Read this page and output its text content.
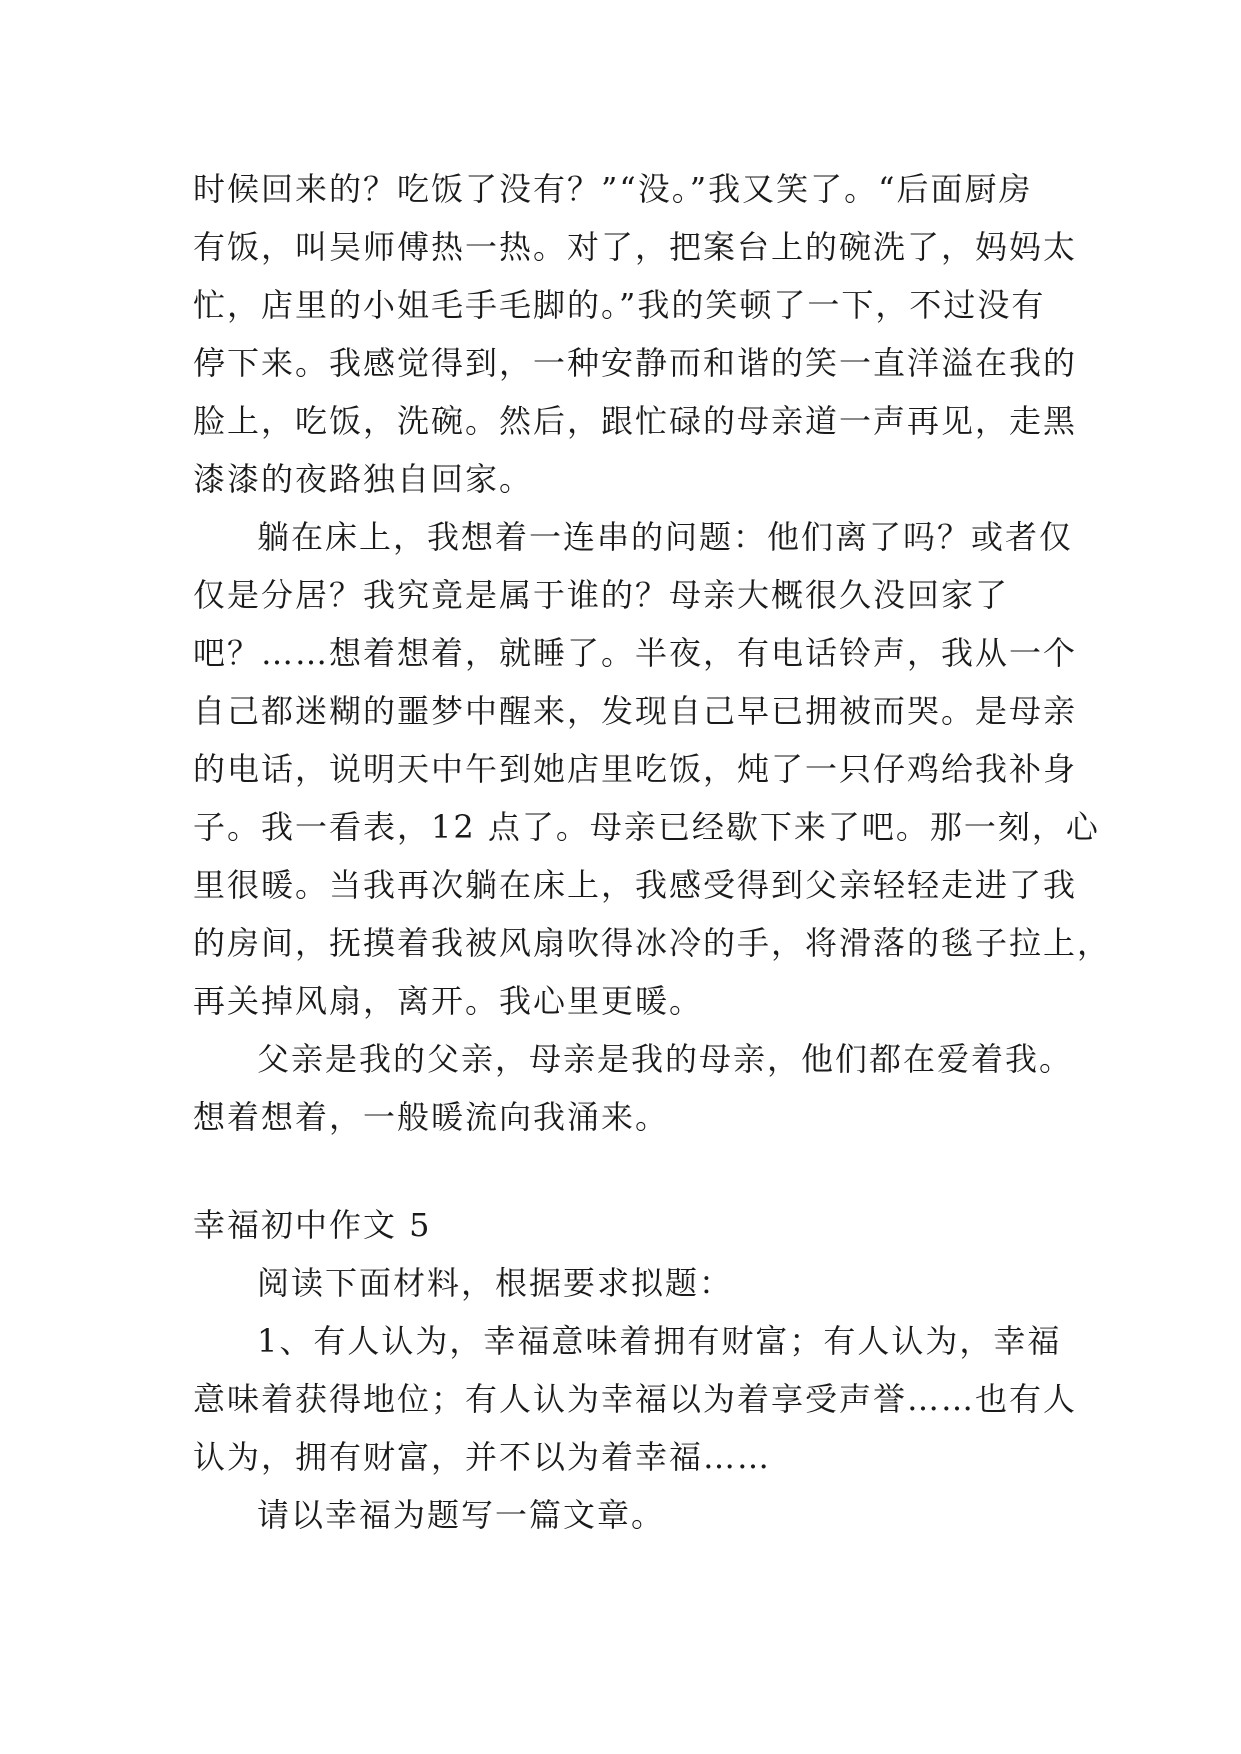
时候回来的？吃饭了没有？”“没。”我又笑了。“后面厨房
有饭，叫吴师傅热一热。对了，把案台上的碗洗了，妈妈太
忙，店里的小姐毛手毛脚的。”我的笑顿了一下，不过没有
停下来。我感觉得到，一种安静而和谐的笑一直洋溢在我的
脸上，吃饭，洗碗。然后，跟忙碌的母亲道一声再见，走黑
漆漆的夜路独自回家。
躺在床上，我想着一连串的问题：他们离了吗？或者仅
仅是分居？我究竟是属于谁的？母亲大概很久没回家了
吧？……想着想着，就睡了。半夜，有电话铃声，我从一个
自己都迷糊的噩梦中醒来，发现自己早已拥被而哭。是母亲
的电话，说明天中午到她店里吃饭，炖了一只仔鸡给我补身
子。我一看表，12 点了。母亲已经歇下来了吧。那一刻，心
里很暖。当我再次躺在床上，我感受得到父亲轻轻走进了我
的房间，抚摸着我被风扇吹得冰冷的手，将滑落的毯子拉上，
再关掉风扇，离开。我心里更暖。
父亲是我的父亲，母亲是我的母亲，他们都在爱着我。
想着想着，一般暖流向我涌来。
幸福初中作文 5
阅读下面材料，根据要求拟题：
1、有人认为，幸福意味着拥有财富；有人认为，幸福
意味着获得地位；有人认为幸福以为着享受声誉……也有人
认为，拥有财富，并不以为着幸福……
请以幸福为题写一篇文章。
